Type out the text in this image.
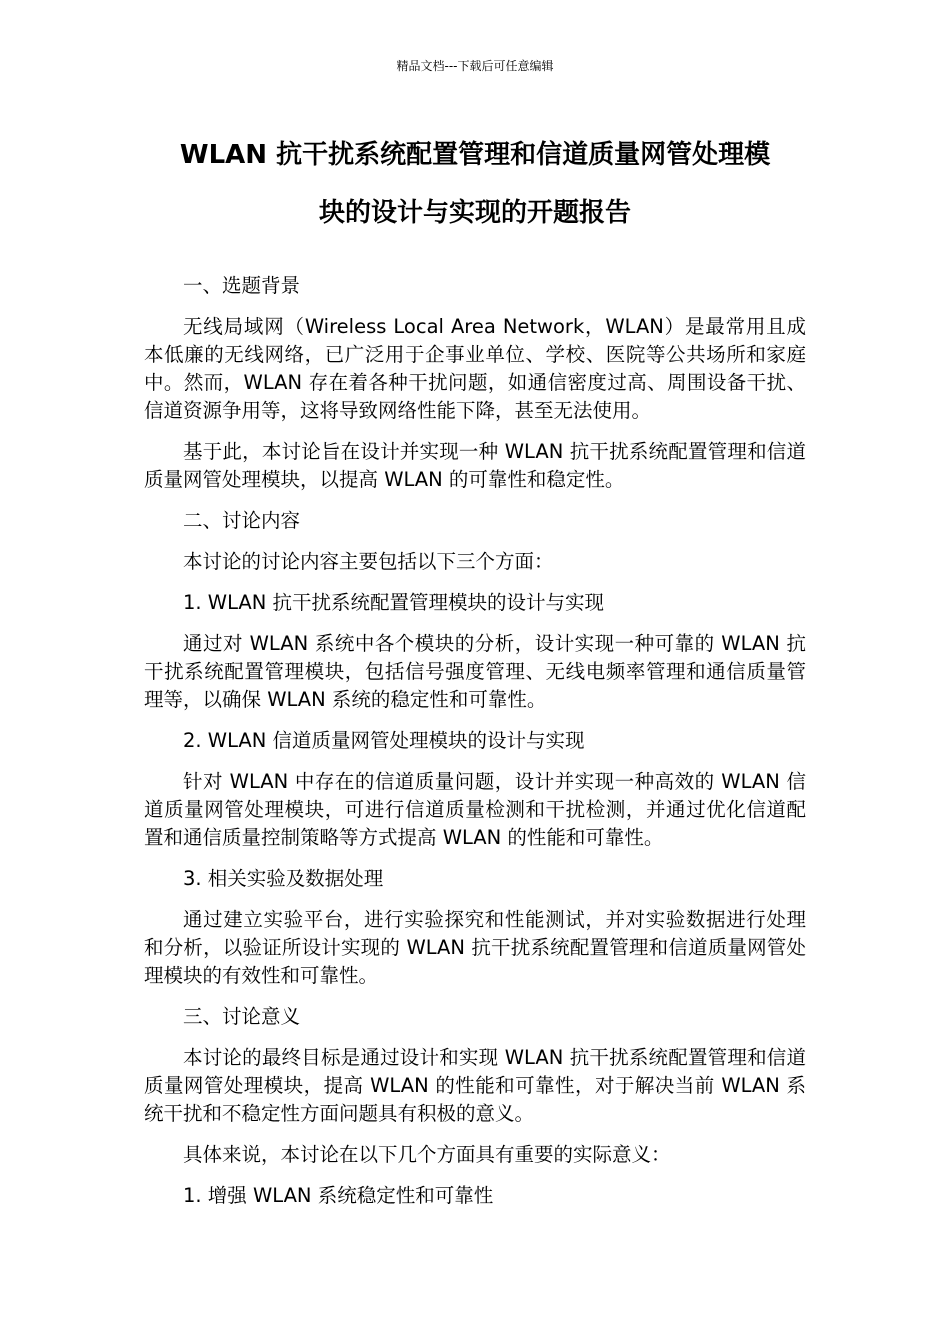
精品文档---下载后可任意编辑
WLAN 抗干扰系统配置管理和信道质量网管处理模
块的设计与实现的开题报告

一、选题背景

无线局域网（Wireless Local Area Network，WLAN）是最常用且成本低廉的无线网络，已广泛用于企事业单位、学校、医院等公共场所和家庭中。然而，WLAN 存在着各种干扰问题，如通信密度过高、周围设备干扰、信道资源争用等，这将导致网络性能下降，甚至无法使用。

基于此，本讨论旨在设计并实现一种 WLAN 抗干扰系统配置管理和信道质量网管处理模块，以提高 WLAN 的可靠性和稳定性。

二、讨论内容

本讨论的讨论内容主要包括以下三个方面：

1. WLAN 抗干扰系统配置管理模块的设计与实现

通过对 WLAN 系统中各个模块的分析，设计实现一种可靠的 WLAN 抗干扰系统配置管理模块，包括信号强度管理、无线电频率管理和通信质量管理等，以确保 WLAN 系统的稳定性和可靠性。

2. WLAN 信道质量网管处理模块的设计与实现

针对 WLAN 中存在的信道质量问题，设计并实现一种高效的 WLAN 信道质量网管处理模块，可进行信道质量检测和干扰检测，并通过优化信道配置和通信质量控制策略等方式提高 WLAN 的性能和可靠性。

3. 相关实验及数据处理

通过建立实验平台，进行实验探究和性能测试，并对实验数据进行处理和分析，以验证所设计实现的 WLAN 抗干扰系统配置管理和信道质量网管处理模块的有效性和可靠性。

三、讨论意义

本讨论的最终目标是通过设计和实现 WLAN 抗干扰系统配置管理和信道质量网管处理模块，提高 WLAN 的性能和可靠性，对于解决当前 WLAN 系统干扰和不稳定性方面问题具有积极的意义。

具体来说，本讨论在以下几个方面具有重要的实际意义：

1. 增强 WLAN 系统稳定性和可靠性
